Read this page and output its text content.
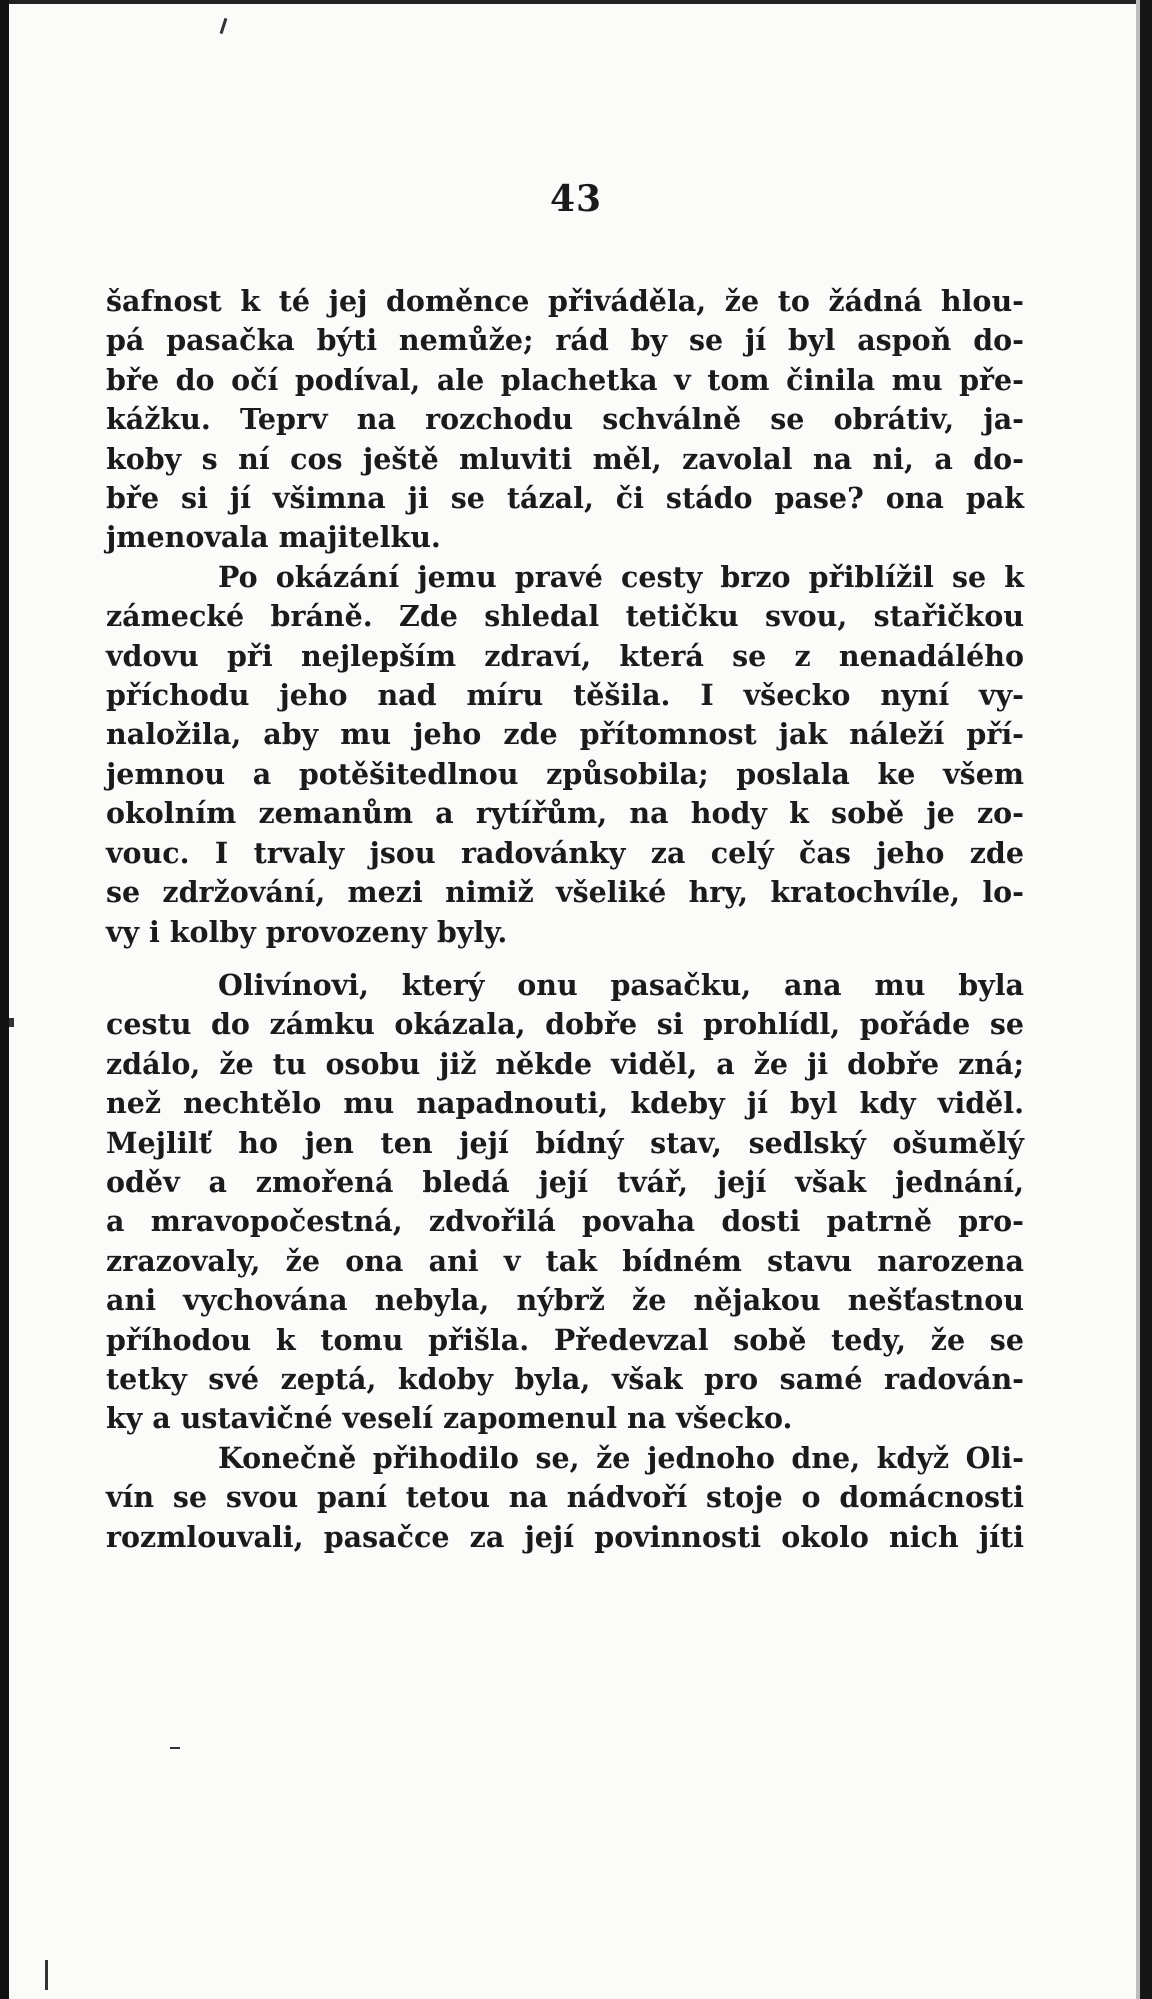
43
šafnost k té jej doměnce přiváděla, že to žádná hlou-
pá pasačka býti nemůže; rád by se jí byl aspoň do-
bře do očí podíval, ale plachetka v tom činila mu pře-
kážku. Teprv na rozchodu schválně se obrátiv, ja-
koby s ní cos ještě mluviti měl, zavolal na ni, a do-
bře si jí všimna ji se tázal, či stádo pase? ona pak
jmenovala majitelku.
Po okázání jemu pravé cesty brzo přiblížil se k
zámecké bráně. Zde shledal tetičku svou, stařičkou
vdovu při nejlepším zdraví, která se z nenadálého
příchodu jeho nad míru těšila. I všecko nyní vy-
naložila, aby mu jeho zde přítomnost jak náleží pří-
jemnou a potěšitedlnou způsobila; poslala ke všem
okolním zemanům a rytířům, na hody k sobě je zo-
vouc. I trvaly jsou radovánky za celý čas jeho zde
se zdržování, mezi nimiž všeliké hry, kratochvíle, lo-
vy i kolby provozeny byly.
Olivínovi, který onu pasačku, ana mu byla
cestu do zámku okázala, dobře si prohlídl, pořáde se
zdálo, že tu osobu již někde viděl, a že ji dobře zná;
než nechtělo mu napadnouti, kdeby jí byl kdy viděl.
Mejlilť ho jen ten její bídný stav, sedlský ošumělý
oděv a zmořená bledá její tvář, její však jednání,
a mravopočestná, zdvořilá povaha dosti patrně pro-
zrazovaly, že ona ani v tak bídném stavu narozena
ani vychována nebyla, nýbrž že nějakou nešťastnou
příhodou k tomu přišla. Předevzal sobě tedy, že se
tetky své zeptá, kdoby byla, však pro samé radován-
ky a ustavičné veselí zapomenul na všecko.
Konečně přihodilo se, že jednoho dne, když Oli-
vín se svou paní tetou na nádvoří stoje o domácnosti
rozmlouvali, pasačce za její povinnosti okolo nich jíti
